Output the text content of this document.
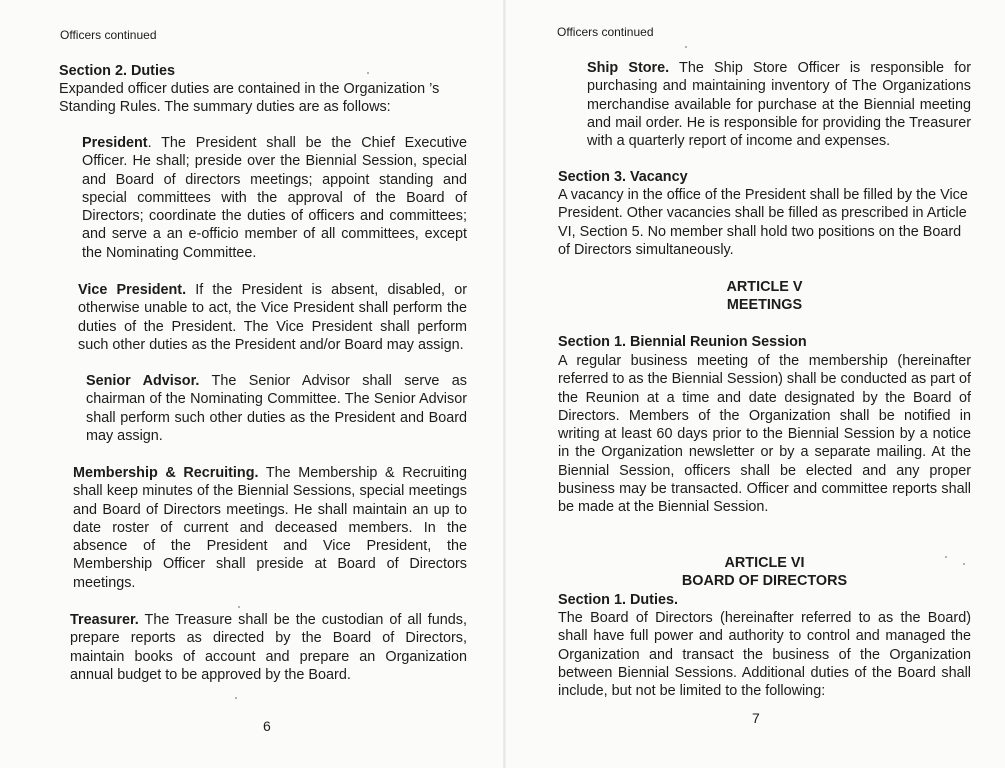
Officers continued
Section 2. Duties
Expanded officer duties are contained in the Organization ’s Standing Rules. The summary duties are as follows:
President. The President shall be the Chief Executive Officer. He shall; preside over the Biennial Session, special and Board of directors meetings; appoint standing and special committees with the approval of the Board of Directors; coordinate the duties of officers and committees; and serve a an e-officio member of all committees, except the Nominating Committee.
Vice President. If the President is absent, disabled, or otherwise unable to act, the Vice President shall perform the duties of the President. The Vice President shall perform such other duties as the President and/or Board may assign.
Senior Advisor. The Senior Advisor shall serve as chairman of the Nominating Committee. The Senior Advisor shall perform such other duties as the President and Board may assign.
Membership & Recruiting. The Membership & Recruiting shall keep minutes of the Biennial Sessions, special meetings and Board of Directors meetings. He shall maintain an up to date roster of current and deceased members. In the absence of the President and Vice President, the Membership Officer shall preside at Board of Directors meetings.
Treasurer. The Treasure shall be the custodian of all funds, prepare reports as directed by the Board of Directors, maintain books of account and prepare an Organization annual budget to be approved by the Board.
6
Officers continued
Ship Store. The Ship Store Officer is responsible for purchasing and maintaining inventory of The Organizations merchandise available for purchase at the Biennial meeting and mail order. He is responsible for providing the Treasurer with a quarterly report of income and expenses.
Section 3. Vacancy
A vacancy in the office of the President shall be filled by the Vice President. Other vacancies shall be filled as prescribed in Article VI, Section 5. No member shall hold two positions on the Board of Directors simultaneously.
ARTICLE V
MEETINGS
Section 1. Biennial Reunion Session
A regular business meeting of the membership (hereinafter referred to as the Biennial Session) shall be conducted as part of the Reunion at a time and date designated by the Board of Directors. Members of the Organization shall be notified in writing at least 60 days prior to the Biennial Session by a notice in the Organization newsletter or by a separate mailing. At the Biennial Session, officers shall be elected and any proper business may be transacted. Officer and committee reports shall be made at the Biennial Session.
ARTICLE VI
BOARD OF DIRECTORS
Section 1. Duties.
The Board of Directors (hereinafter referred to as the Board) shall have full power and authority to control and managed the Organization and transact the business of the Organization between Biennial Sessions. Additional duties of the Board shall include, but not be limited to the following:
7
